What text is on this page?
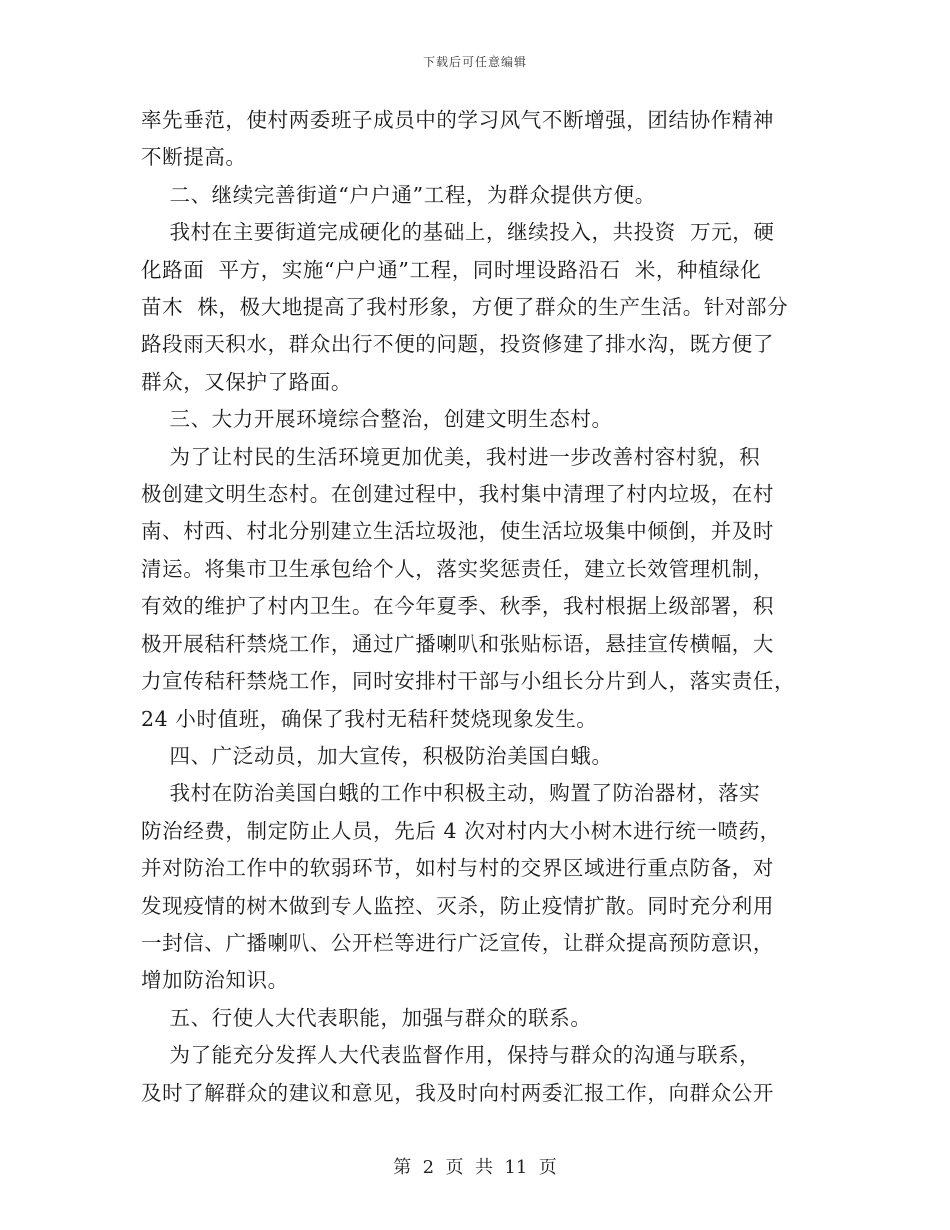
下载后可任意编辑
率先垂范，使村两委班子成员中的学习风气不断增强，团结协作精神
不断提高。
二、继续完善街道“户户通”工程，为群众提供方便。
我村在主要街道完成硬化的基础上，继续投入，共投资  万元，硬
化路面  平方，实施“户户通”工程，同时埋设路沿石  米，种植绿化
苗木  株，极大地提高了我村形象，方便了群众的生产生活。针对部分
路段雨天积水，群众出行不便的问题，投资修建了排水沟，既方便了
群众，又保护了路面。
三、大力开展环境综合整治，创建文明生态村。
为了让村民的生活环境更加优美，我村进一步改善村容村貌，积
极创建文明生态村。在创建过程中，我村集中清理了村内垃圾，在村
南、村西、村北分别建立生活垃圾池，使生活垃圾集中倾倒，并及时
清运。将集市卫生承包给个人，落实奖惩责任，建立长效管理机制，
有效的维护了村内卫生。在今年夏季、秋季，我村根据上级部署，积
极开展秸秆禁烧工作，通过广播喇叭和张贴标语，悬挂宣传横幅，大
力宣传秸秆禁烧工作，同时安排村干部与小组长分片到人，落实责任，
24 小时值班，确保了我村无秸秆焚烧现象发生。
四、广泛动员，加大宣传，积极防治美国白蛾。
我村在防治美国白蛾的工作中积极主动，购置了防治器材，落实
防治经费，制定防止人员，先后 4 次对村内大小树木进行统一喷药，
并对防治工作中的软弱环节，如村与村的交界区域进行重点防备，对
发现疫情的树木做到专人监控、灭杀，防止疫情扩散。同时充分利用
一封信、广播喇叭、公开栏等进行广泛宣传，让群众提高预防意识，
增加防治知识。
五、行使人大代表职能，加强与群众的联系。
为了能充分发挥人大代表监督作用，保持与群众的沟通与联系，
及时了解群众的建议和意见，我及时向村两委汇报工作，向群众公开
第  2  页  共  11  页
